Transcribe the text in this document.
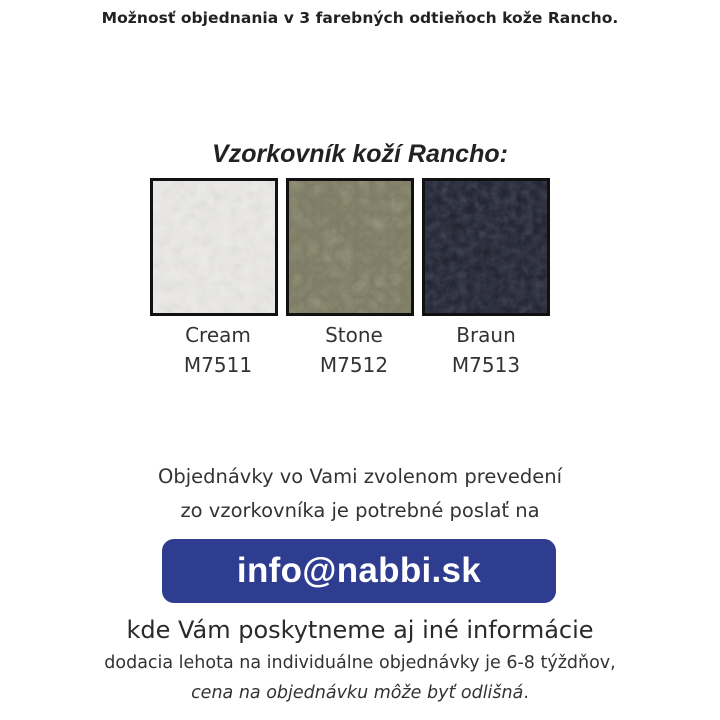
Možnosť objednania v 3 farebných odtieňoch kože Rancho.
Vzorkovník koží Rancho:
Cream
M7511
Stone
M7512
Braun
M7513
Objednávky vo Vami zvolenom prevedení
zo vzorkovníka je potrebné poslať na
info@nabbi.sk
kde Vám poskytneme aj iné informácie
dodacia lehota na individuálne objednávky je 6-8 týždňov,
cena na objednávku môže byť odlišná.
